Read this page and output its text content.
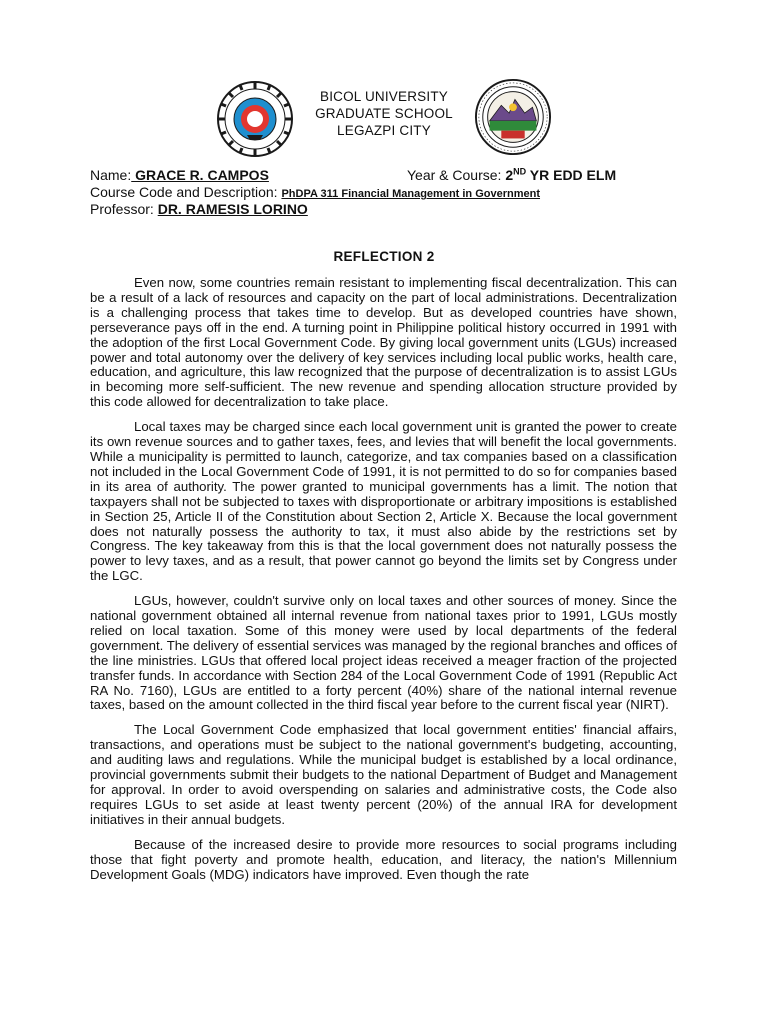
BICOL UNIVERSITY
GRADUATE SCHOOL
LEGAZPI CITY
Name: GRACE R. CAMPOS	Year & Course: 2ND YR EDD ELM
Course Code and Description: PhDPA 311 Financial Management in Government
Professor: DR. RAMESIS LORINO
REFLECTION 2

Even now, some countries remain resistant to implementing fiscal decentralization. This can be a result of a lack of resources and capacity on the part of local administrations. Decentralization is a challenging process that takes time to develop. But as developed countries have shown, perseverance pays off in the end. A turning point in Philippine political history occurred in 1991 with the adoption of the first Local Government Code. By giving local government units (LGUs) increased power and total autonomy over the delivery of key services including local public works, health care, education, and agriculture, this law recognized that the purpose of decentralization is to assist LGUs in becoming more self-sufficient. The new revenue and spending allocation structure provided by this code allowed for decentralization to take place.

Local taxes may be charged since each local government unit is granted the power to create its own revenue sources and to gather taxes, fees, and levies that will benefit the local governments. While a municipality is permitted to launch, categorize, and tax companies based on a classification not included in the Local Government Code of 1991, it is not permitted to do so for companies based in its area of authority. The power granted to municipal governments has a limit. The notion that taxpayers shall not be subjected to taxes with disproportionate or arbitrary impositions is established in Section 25, Article II of the Constitution about Section 2, Article X. Because the local government does not naturally possess the authority to tax, it must also abide by the restrictions set by Congress. The key takeaway from this is that the local government does not naturally possess the power to levy taxes, and as a result, that power cannot go beyond the limits set by Congress under the LGC.

LGUs, however, couldn't survive only on local taxes and other sources of money. Since the national government obtained all internal revenue from national taxes prior to 1991, LGUs mostly relied on local taxation. Some of this money were used by local departments of the federal government. The delivery of essential services was managed by the regional branches and offices of the line ministries. LGUs that offered local project ideas received a meager fraction of the projected transfer funds. In accordance with Section 284 of the Local Government Code of 1991 (Republic Act RA No. 7160), LGUs are entitled to a forty percent (40%) share of the national internal revenue taxes, based on the amount collected in the third fiscal year before to the current fiscal year (NIRT).

The Local Government Code emphasized that local government entities' financial affairs, transactions, and operations must be subject to the national government's budgeting, accounting, and auditing laws and regulations. While the municipal budget is established by a local ordinance, provincial governments submit their budgets to the national Department of Budget and Management for approval. In order to avoid overspending on salaries and administrative costs, the Code also requires LGUs to set aside at least twenty percent (20%) of the annual IRA for development initiatives in their annual budgets.

Because of the increased desire to provide more resources to social programs including those that fight poverty and promote health, education, and literacy, the nation's Millennium Development Goals (MDG) indicators have improved. Even though the rate
